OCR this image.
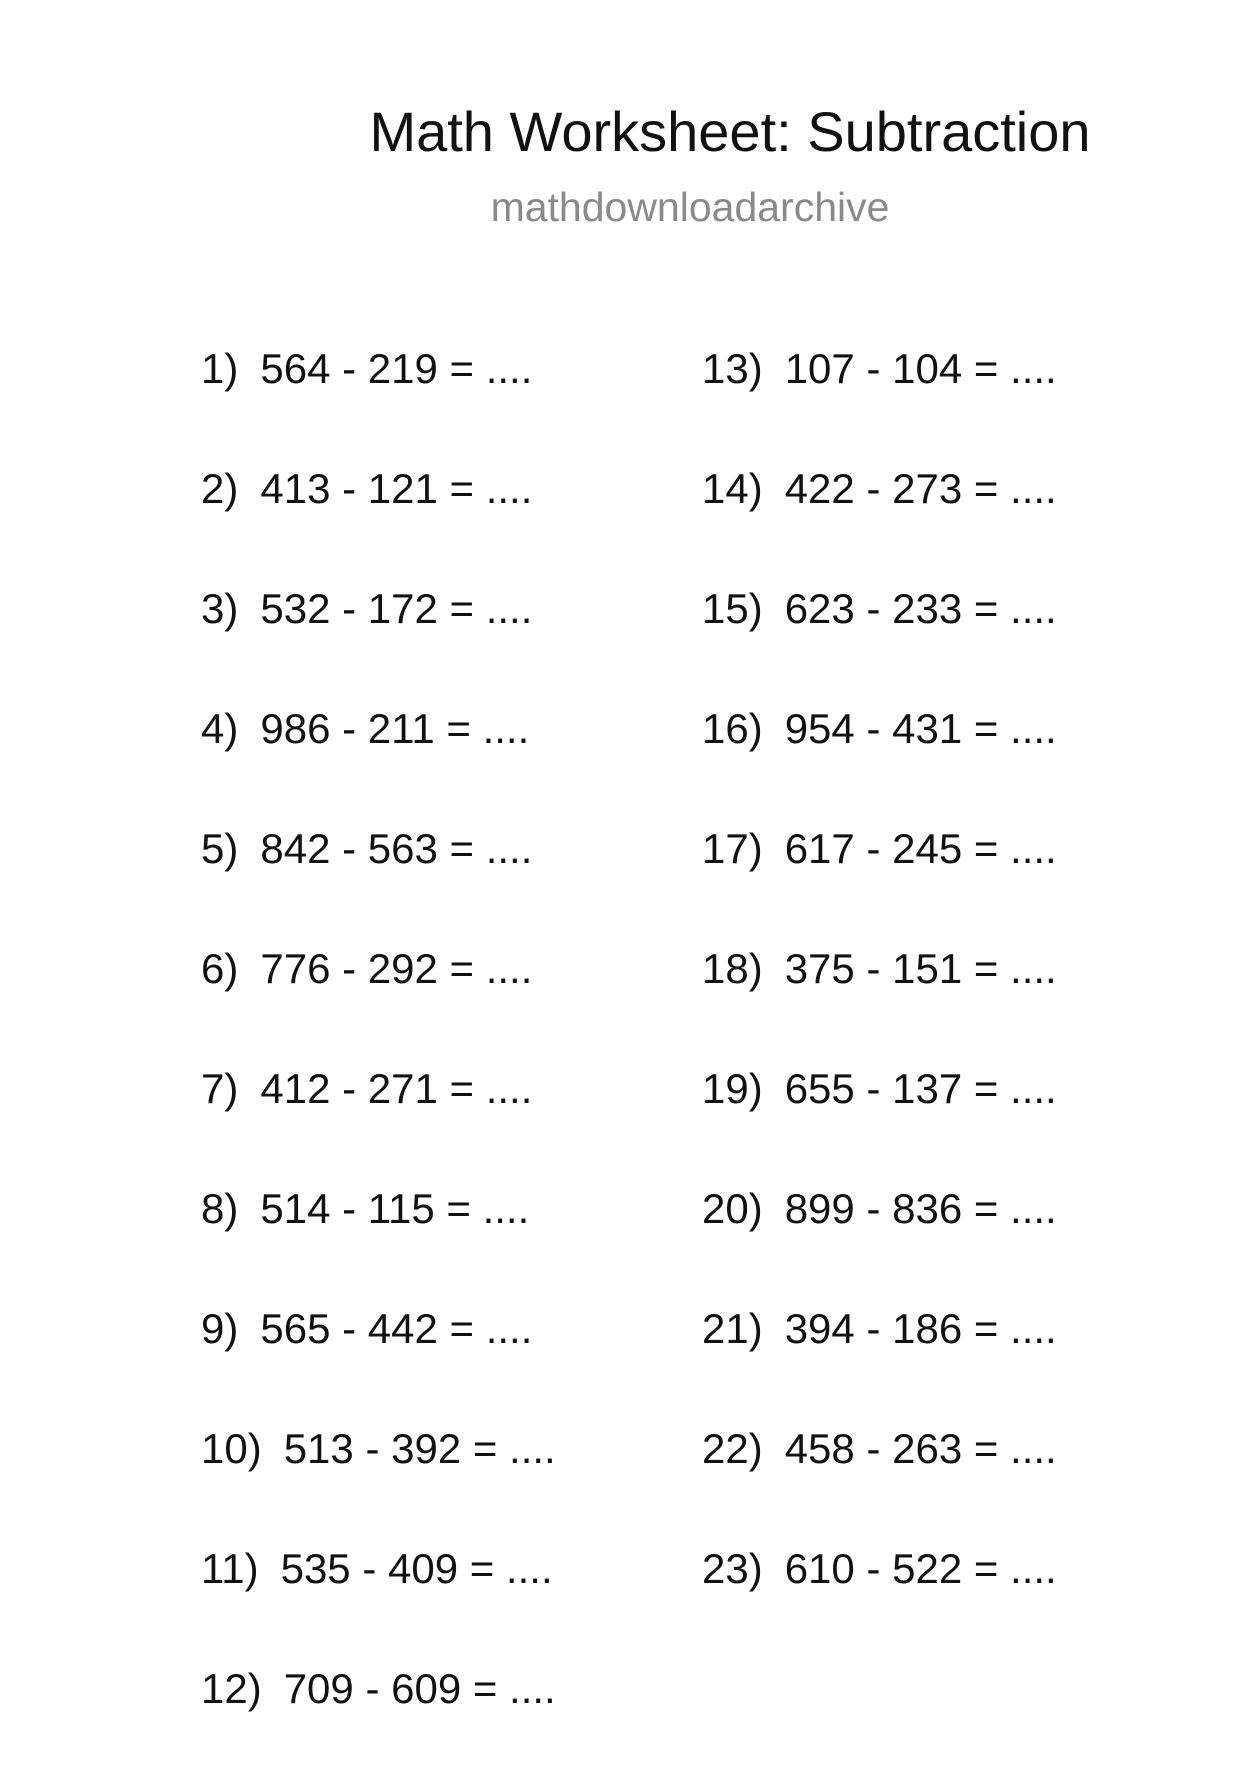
Math Worksheet: Subtraction
mathdownloadarchive
1) 564 - 219 = ....
2) 413 - 121 = ....
3) 532 - 172 = ....
4) 986 - 211 = ....
5) 842 - 563 = ....
6) 776 - 292 = ....
7) 412 - 271 = ....
8) 514 - 115 = ....
9) 565 - 442 = ....
10) 513 - 392 = ....
11) 535 - 409 = ....
12) 709 - 609 = ....
13) 107 - 104 = ....
14) 422 - 273 = ....
15) 623 - 233 = ....
16) 954 - 431 = ....
17) 617 - 245 = ....
18) 375 - 151 = ....
19) 655 - 137 = ....
20) 899 - 836 = ....
21) 394 - 186 = ....
22) 458 - 263 = ....
23) 610 - 522 = ....
